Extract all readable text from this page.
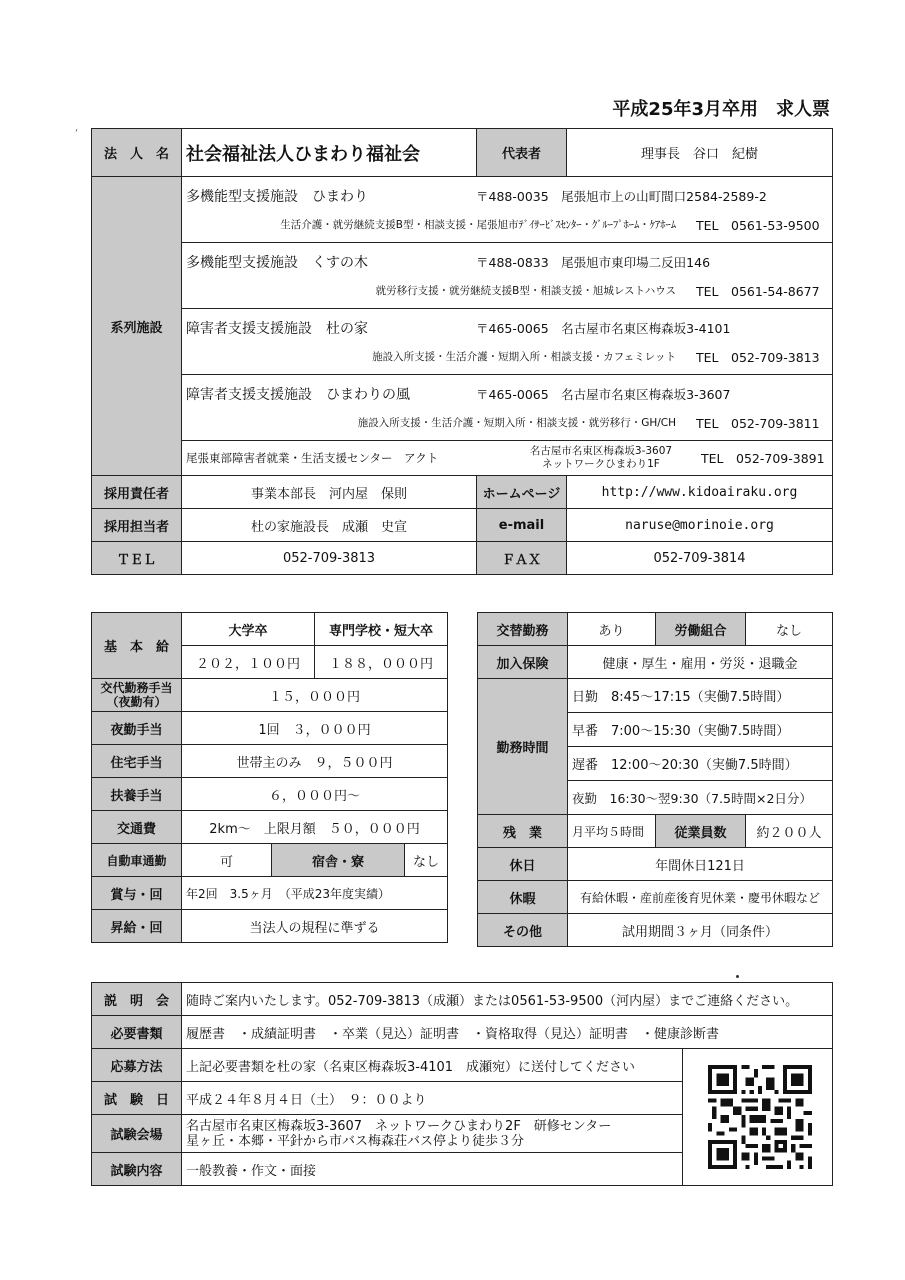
‘
平成25年3月卒用　求人票
法　人　名	社会福祉法人ひまわり福祉会	代表者	理事長　谷口　紀樹
系列施設	多機能型支援施設　ひまわり 〒488-0035　尾張旭市上の山町間口2584-2589-2
生活介護・就労継続支援B型・相談支援・尾張旭市ﾃﾞｲｻｰﾋﾞｽｾﾝﾀｰ・ｸﾞﾙｰﾌﾟﾎｰﾑ・ｹｱﾎｰﾑ TEL　0561-53-9500		

	多機能型支援施設　くすの木 〒488-0833　尾張旭市東印場二反田146
就労移行支援・就労継続支援B型・相談支援・旭城レストハウス TEL　0561-54-8677		

	障害者支援支援施設　杜の家 〒465-0065　名古屋市名東区梅森坂3-4101
施設入所支援・生活介護・短期入所・相談支援・カフェミレット TEL　052-709-3813		

	障害者支援支援施設　ひまわりの風 〒465-0065　名古屋市名東区梅森坂3-3607
施設入所支援・生活介護・短期入所・相談支援・就労移行・GH/CH TEL　052-709-3811		

	尾張東部障害者就業・生活支援センター　アクト 名古屋市名東区梅森坂3-3607
ネットワークひまわり1F TEL　052-709-3891		

採用責任者	事業本部長　河内屋　保則	ホームページ	http://www.kidoairaku.org
採用担当者	杜の家施設長　成瀬　史宣	e-mail	naruse@morinoie.org
ＴＥＬ	052-709-3813	ＦＡＸ	052-709-3814
基　本　給	大学卒		専門学校・短大卒	
	２０２，１００円		１８８，０００円	
交代勤務手当
（夜勤有）	１５，０００円			
夜勤手当	1回　３，０００円			
住宅手当	世帯主のみ　９，５００円			
扶養手当	６，０００円～			
交通費	2km～　上限月額　５０，０００円			
自動車通勤	可	宿舎・寮		なし
賞与・回	年2回　3.5ヶ月　（平成23年度実績）			
昇給・回	当法人の規程に準ずる			
交替勤務	あり	労働組合	なし
加入保険	健康・厚生・雇用・労災・退職金		
勤務時間	日勤　8:45～17:15（実働7.5時間）		
	早番　7:00～15:30（実働7.5時間）		
	遅番　12:00～20:30（実働7.5時間）		
	夜勤　16:30～翌9:30（7.5時間×2日分）		
残　業	月平均５時間	従業員数	約２００人
休日	年間休日121日		
休暇	有給休暇・産前産後育児休業・慶弔休暇など		
その他	試用期間３ヶ月（同条件）		
説　明　会	随時ご案内いたします。052-709-3813（成瀬）または0561-53-9500（河内屋）までご連絡ください。	
必要書類	履歴書　・成績証明書　・卒業（見込）証明書　・資格取得（見込）証明書　・健康診断書	
応募方法	上記必要書類を杜の家（名東区梅森坂3-4101　成瀬宛）に送付してください	
試　験　日	平成２４年８月４日（土）　９：００より	
試験会場	名古屋市名東区梅森坂3-3607　ネットワークひまわり2F　研修センター
星ヶ丘・本郷・平針から市バス梅森荘バス停より徒歩３分	

試験内容	一般教養・作文・面接	
